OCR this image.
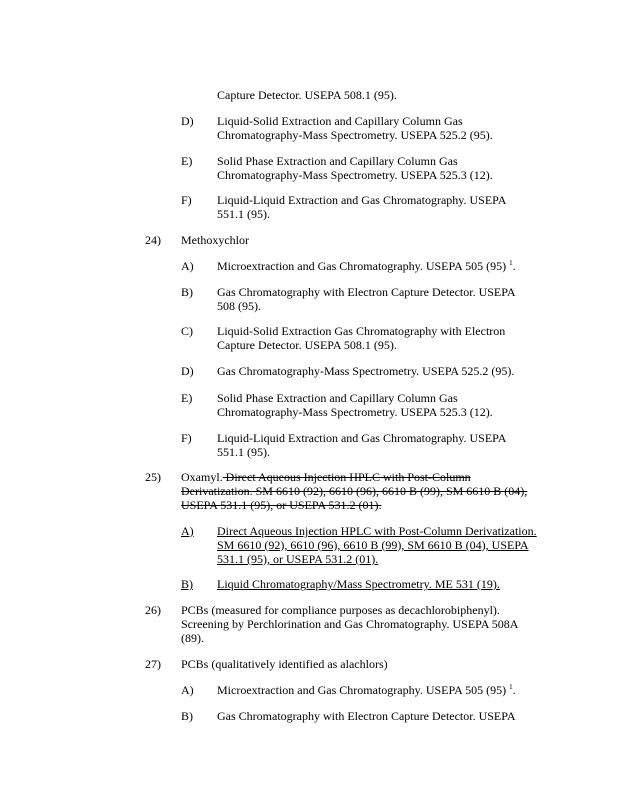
Capture Detector. USEPA 508.1 (95).
D) Liquid-Solid Extraction and Capillary Column Gas
Chromatography-Mass Spectrometry. USEPA 525.2 (95).
E) Solid Phase Extraction and Capillary Column Gas
Chromatography-Mass Spectrometry. USEPA 525.3 (12).
F) Liquid-Liquid Extraction and Gas Chromatography. USEPA
551.1 (95).
24) Methoxychlor
A) Microextraction and Gas Chromatography. USEPA 505 (95) $^1$.
B) Gas Chromatography with Electron Capture Detector. USEPA
508 (95).
C) Liquid-Solid Extraction Gas Chromatography with Electron
Capture Detector. USEPA 508.1 (95).
D) Gas Chromatography-Mass Spectrometry. USEPA 525.2 (95).
E) Solid Phase Extraction and Capillary Column Gas
Chromatography-Mass Spectrometry. USEPA 525.3 (12).
F) Liquid-Liquid Extraction and Gas Chromatography. USEPA
551.1 (95).
25) Oxamyl. Direct Aqueous Injection HPLC with Post-Column
Derivatization. SM 6610 (92), 6610 (96), 6610 B (99), SM 6610 B (04),
USEPA 531.1 (95), or USEPA 531.2 (01).
A) Direct Aqueous Injection HPLC with Post-Column Derivatization.
SM 6610 (92), 6610 (96), 6610 B (99), SM 6610 B (04), USEPA
531.1 (95), or USEPA 531.2 (01).
B) Liquid Chromatography/Mass Spectrometry. ME 531 (19).
26) PCBs (measured for compliance purposes as decachlorobiphenyl).
Screening by Perchlorination and Gas Chromatography. USEPA 508A
(89).
27) PCBs (qualitatively identified as alachlors)
A) Microextraction and Gas Chromatography. USEPA 505 (95) $^1$.
B) Gas Chromatography with Electron Capture Detector. USEPA
